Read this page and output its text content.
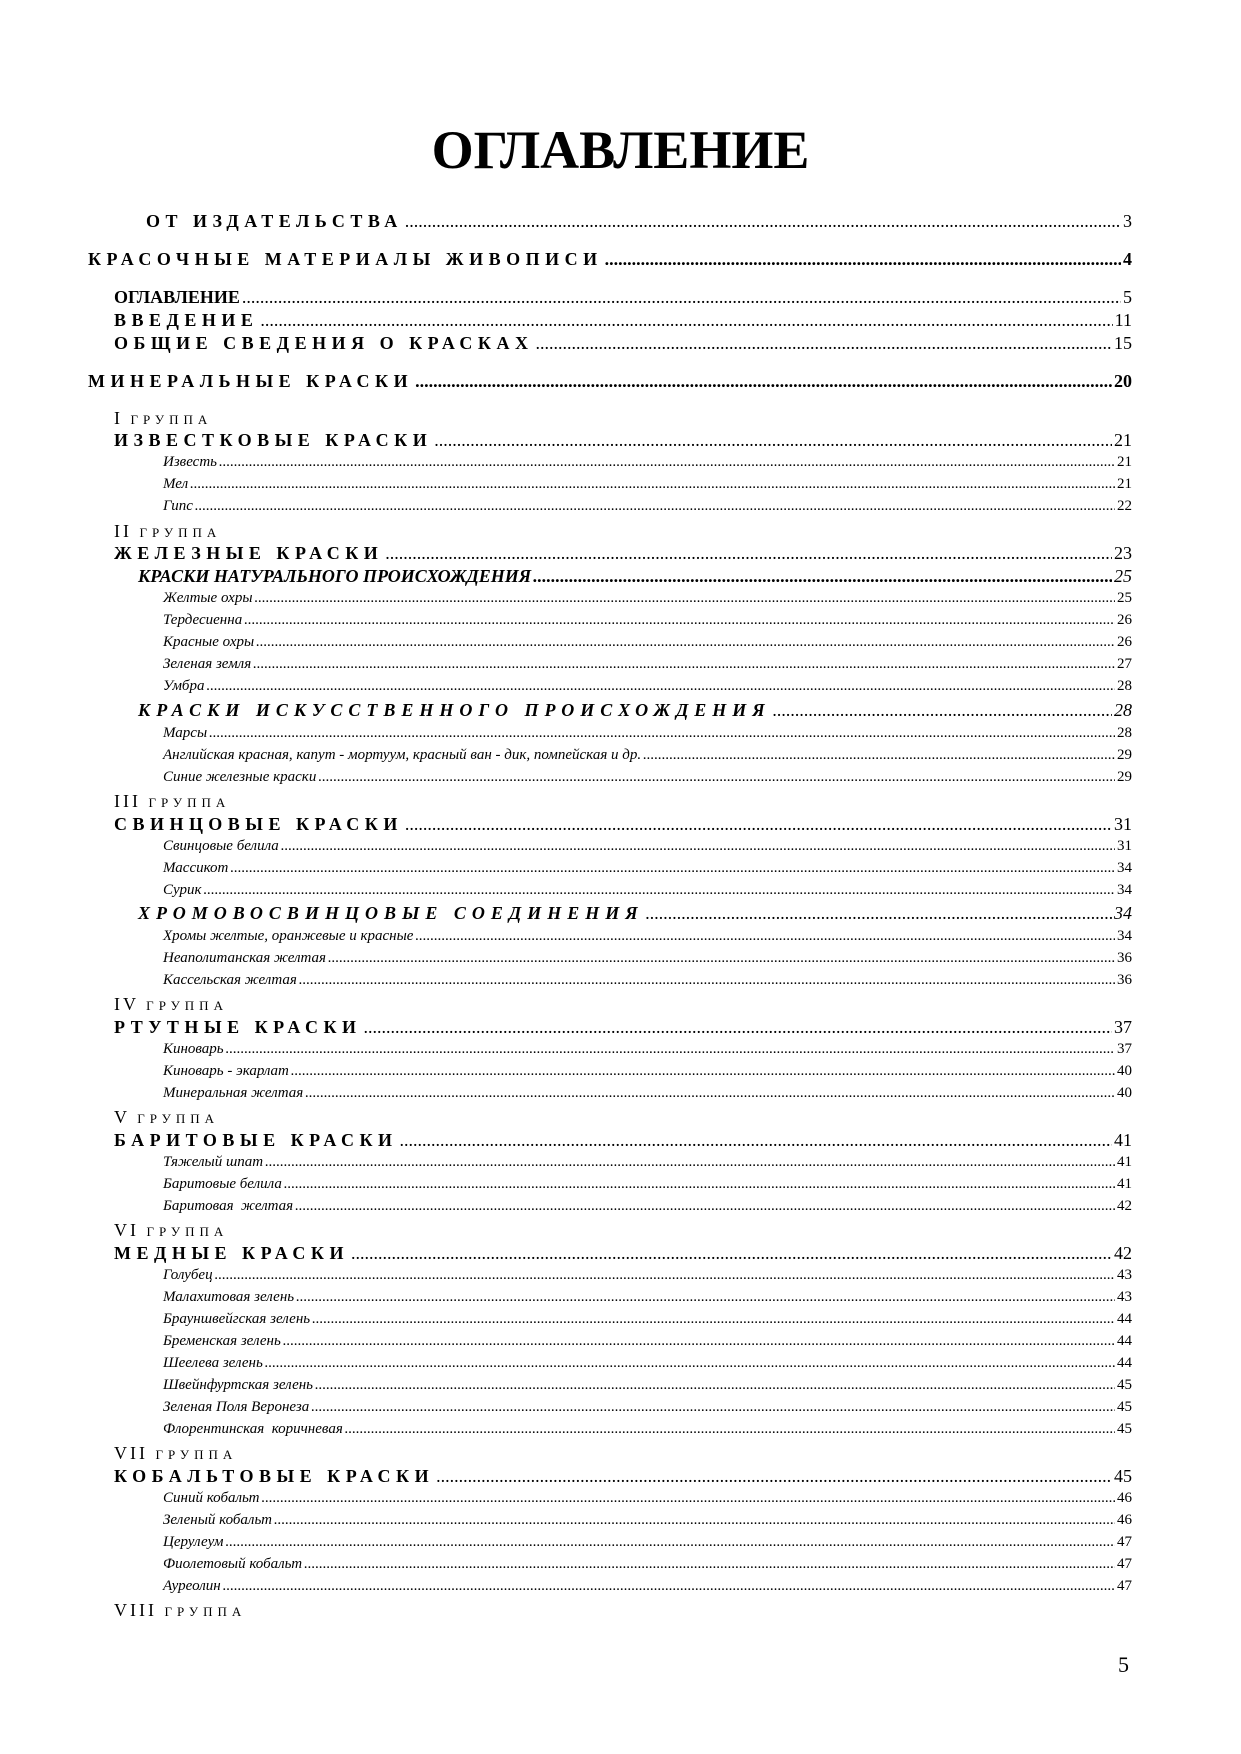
ОГЛАВЛЕНИЕ
ОТ ИЗДАТЕЛЬСТВА .....	3
КРАСОЧНЫЕ МАТЕРИАЛЫ ЖИВОПИСИ .....	4
ОГЛАВЛЕНИЕ .....	5
ВВЕДЕНИЕ .....	11
ОБЩИЕ СВЕДЕНИЯ О КРАСКАХ .....	15
МИНЕРАЛЬНЫЕ КРАСКИ .....	20
I ГРУППА
ИЗВЕСТКОВЫЕ КРАСКИ .....	21
Известь .....	21
Мел .....	21
Гипс .....	22
II ГРУППА
ЖЕЛЕЗНЫЕ КРАСКИ .....	23
КРАСКИ НАТУРАЛЬНОГО ПРОИСХОЖДЕНИЯ .....	25
Желтые охры .....	25
Тердесиенна .....	26
Красные охры .....	26
Зеленая земля .....	27
Умбра .....	28
КРАСКИ ИСКУССТВЕННОГО ПРОИСХОЖДЕНИЯ .....	28
Марсы .....	28
Английская красная, капут - мортуум, красный ван - дик, помпейская и др. .....	29
Синие железные краски .....	29
III ГРУППА
СВИНЦОВЫЕ КРАСКИ .....	31
Свинцовые белила .....	31
Массикот .....	34
Сурик .....	34
ХРОМОВОСВИНЦОВЫЕ СОЕДИНЕНИЯ .....	34
Хромы желтые, оранжевые и красные .....	34
Неаполитанская желтая .....	36
Кассельская желтая .....	36
IV ГРУППА
РТУТНЫЕ КРАСКИ .....	37
Киноварь .....	37
Киноварь - экарлат .....	40
Минеральная желтая .....	40
V ГРУППА
БАРИТОВЫЕ КРАСКИ .....	41
Тяжелый шпат .....	41
Баритовые белила .....	41
Баритовая  желтая .....	42
VI ГРУППА
МЕДНЫЕ КРАСКИ .....	42
Голубец .....	43
Малахитовая зелень .....	43
Брауншвейгская зелень .....	44
Бременская зелень .....	44
Шеелева зелень .....	44
Швейнфуртская зелень .....	45
Зеленая Поля Веронеза .....	45
Флорентинская  коричневая .....	45
VII ГРУППА
КОБАЛЬТОВЫЕ КРАСКИ .....	45
Синий кобальт .....	46
Зеленый кобальт .....	46
Церулеум .....	47
Фиолетовый кобальт .....	47
Ауреолин .....	47
VIII ГРУППА
5
